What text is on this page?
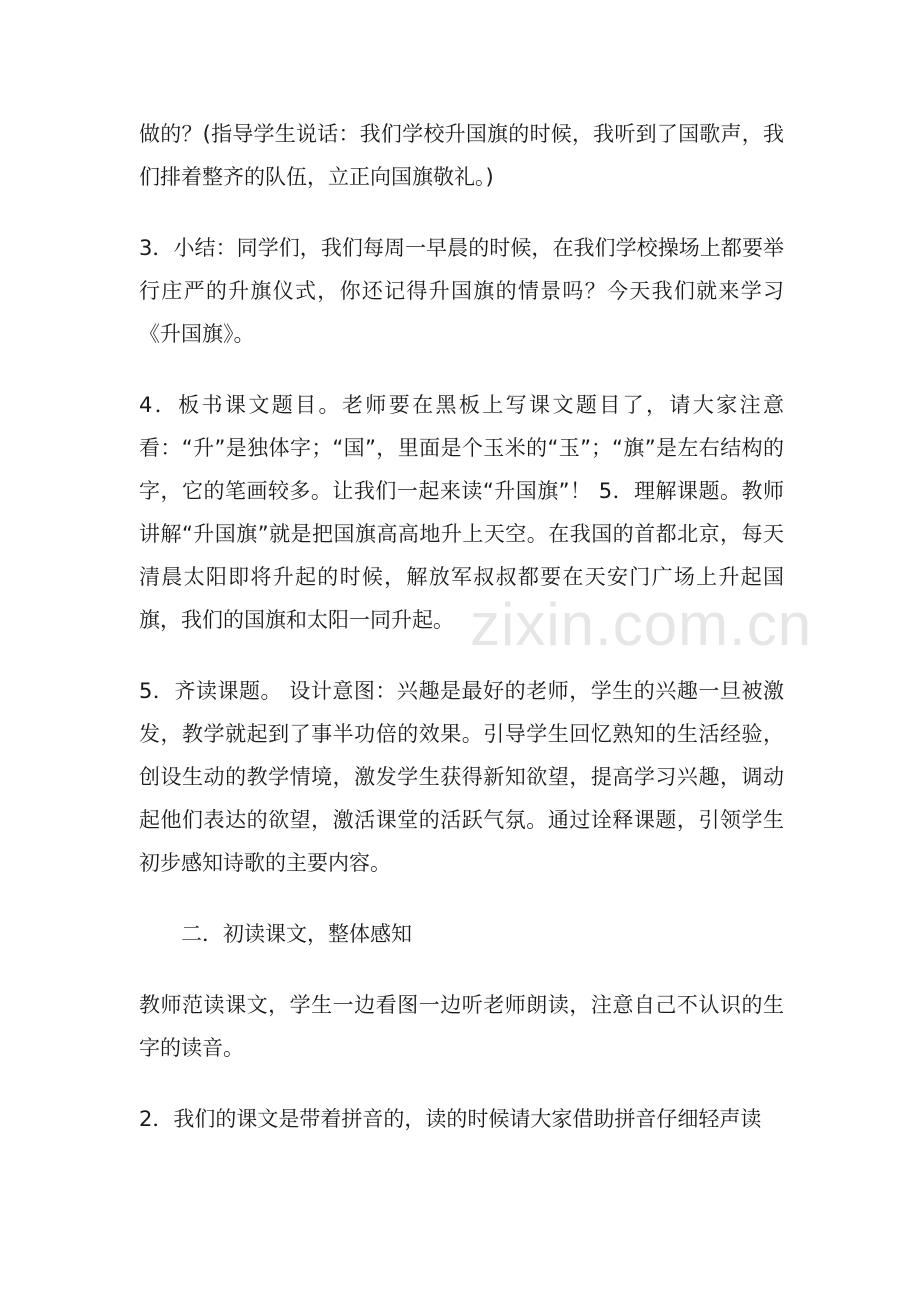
zixin.com.cn

做的？(指导学生说话：我们学校升国旗的时候，我听到了国歌声，我们排着整齐的队伍，立正向国旗敬礼。)

3．小结：同学们，我们每周一早晨的时候，在我们学校操场上都要举行庄严的升旗仪式，你还记得升国旗的情景吗？今天我们就来学习《升国旗》。

4．板书课文题目。老师要在黑板上写课文题目了，请大家注意看：“升”是独体字；“国”，里面是个玉米的“玉”；“旗”是左右结构的字，它的笔画较多。让我们一起来读“升国旗”！ 5．理解课题。教师讲解“升国旗”就是把国旗高高地升上天空。在我国的首都北京，每天清晨太阳即将升起的时候，解放军叔叔都要在天安门广场上升起国旗，我们的国旗和太阳一同升起。

5．齐读课题。 设计意图：兴趣是最好的老师，学生的兴趣一旦被激发，教学就起到了事半功倍的效果。引导学生回忆熟知的生活经验，创设生动的教学情境，激发学生获得新知欲望，提高学习兴趣，调动起他们表达的欲望，激活课堂的活跃气氛。通过诠释课题，引领学生初步感知诗歌的主要内容。

二．初读课文，整体感知

教师范读课文，学生一边看图一边听老师朗读，注意自己不认识的生字的读音。

2．我们的课文是带着拼音的，读的时候请大家借助拼音仔细轻声读
